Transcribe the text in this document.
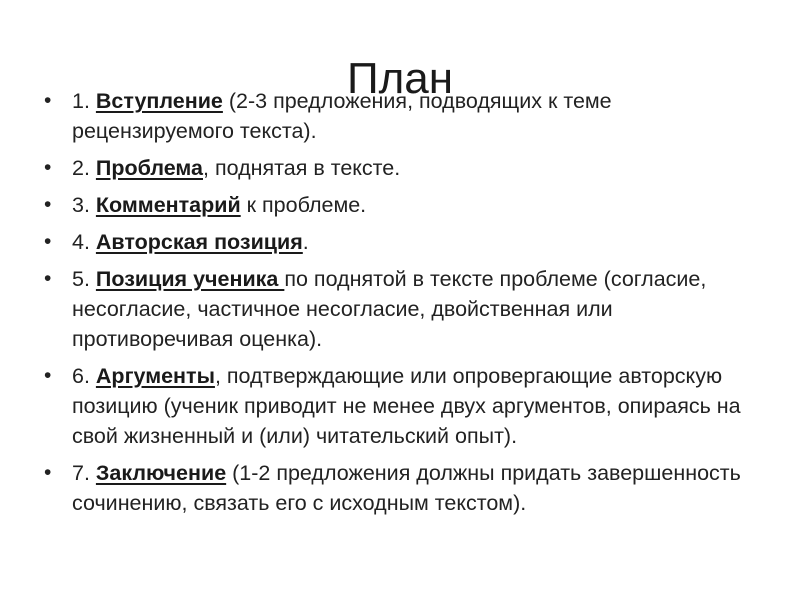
План
• 1. Вступление (2-3 предложения, подводящих к теме рецензируемого текста).
• 2. Проблема, поднятая в тексте.
• 3. Комментарий к проблеме.
• 4. Авторская позиция.
• 5. Позиция ученика по поднятой в тексте проблеме (согласие, несогласие, частичное несогласие, двойственная или противоречивая оценка).
• 6. Аргументы, подтверждающие или опровергающие авторскую позицию (ученик приводит не менее двух аргументов, опираясь на свой жизненный и (или) читательский опыт).
• 7. Заключение (1-2 предложения должны придать завершенность сочинению, связать его с исходным текстом).
